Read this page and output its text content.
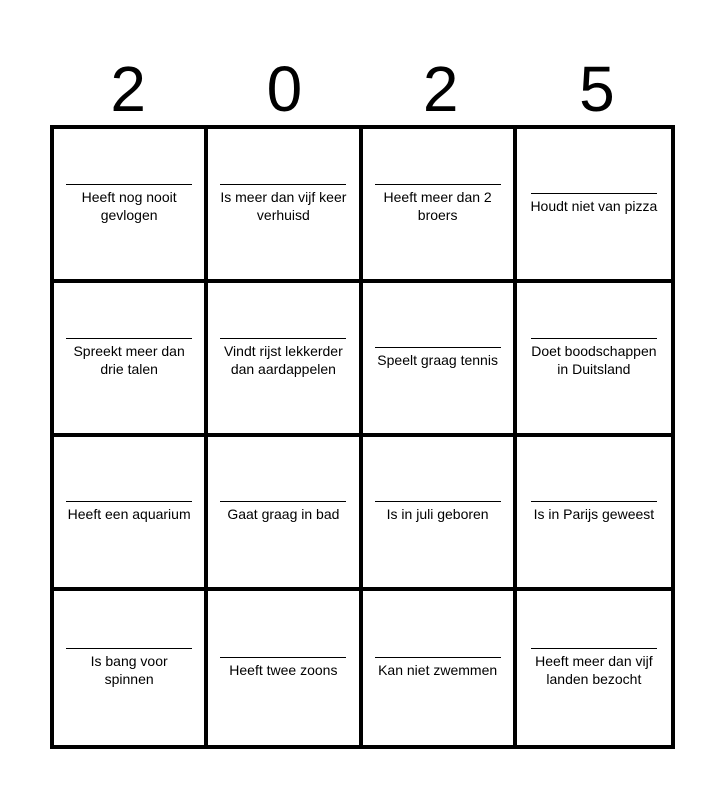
2	0	2	5
Heeft nog nooit gevlogen
Is meer dan vijf keer verhuisd
Heeft meer dan 2 broers
Houdt niet van pizza
Spreekt meer dan drie talen
Vindt rijst lekkerder dan aardappelen
Speelt graag tennis
Doet boodschappen in Duitsland
Heeft een aquarium	Gaat graag in bad	Is in juli geboren	Is in Parijs geweest
Is bang voor spinnen
Heeft twee zoons	Kan niet zwemmen
Heeft meer dan vijf landen bezocht
